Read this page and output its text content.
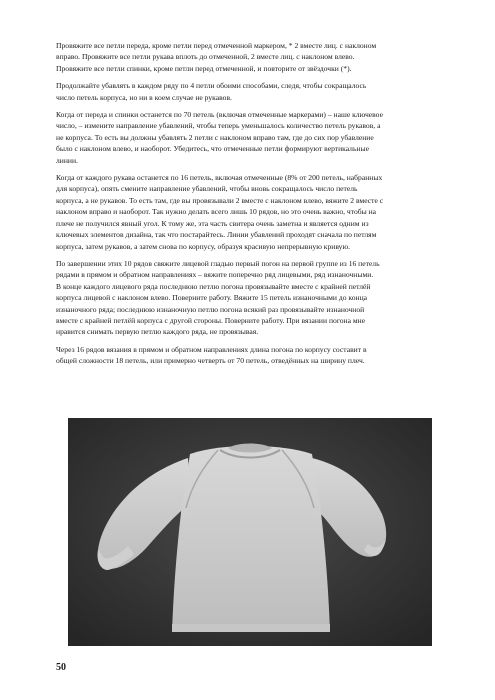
Провяжите все петли переда, кроме петли перед отмеченной маркером, * 2 вместе лиц. с наклоном
вправо. Провяжите все петли рукава вплоть до отмеченной, 2 вместе лиц. с наклоном влево.
Провяжите все петли спинки, кроме петли перед отмеченной, и повторите от звёздочки (*).

Продолжайте убавлять в каждом ряду по 4 петли обоими способами, следя, чтобы сокращалось
число петель корпуса, но ни в коем случае не рукавов.

Когда от переда и спинки останется по 70 петель (включая отмеченные маркерами) – наше ключевое
число, – измените направление убавлений, чтобы теперь уменьшалось количество петель рукавов, а
не корпуса. То есть вы должны убавлять 2 петли с наклоном вправо там, где до сих пор убавление
было с наклоном влево, и наоборот. Убедитесь, что отмеченные петли формируют вертикальные
линии.

Когда от каждого рукава останется по 16 петель, включая отмеченные (8% от 200 петель, набранных
для корпуса), опять смените направление убавлений, чтобы вновь сокращалось число петель
корпуса, а не рукавов. То есть там, где вы провязывали 2 вместе с наклоном влево, вяжите 2 вместе с
наклоном вправо и наоборот. Так нужно делать всего лишь 10 рядов, но это очень важно, чтобы на
плече не получился явный угол. К тому же, эта часть свитера очень заметна и является одним из
ключевых элементов дизайна, так что постарайтесь. Линии убавлений проходят сначала по петлям
корпуса, затем рукавов, а затем снова по корпусу, образуя красивую непрерывную кривую.

По завершении этих 10 рядов свяжите лицевой гладью первый погон на первой группе из 16 петель
рядами в прямом и обратном направлениях – вяжите поперечно ряд лицевыми, ряд изнаночными.
В конце каждого лицевого ряда последнюю петлю погона провязывайте вместе с крайней петлёй
корпуса лицевой с наклоном влево. Поверните работу. Вяжите 15 петель изнаночными до конца
изнаночного ряда; последнюю изнаночную петлю погона всякий раз провязывайте изнаночной
вместе с крайней петлёй корпуса с другой стороны. Поверните работу. При вязании погона мне
нравится снимать первую петлю каждого ряда, не провязывая.

Через 16 рядов вязания в прямом и обратном направлениях длина погона по корпусу составит в
общей сложности 18 петель, или примерно четверть от 70 петель, отведённых на ширину плеч.

50
